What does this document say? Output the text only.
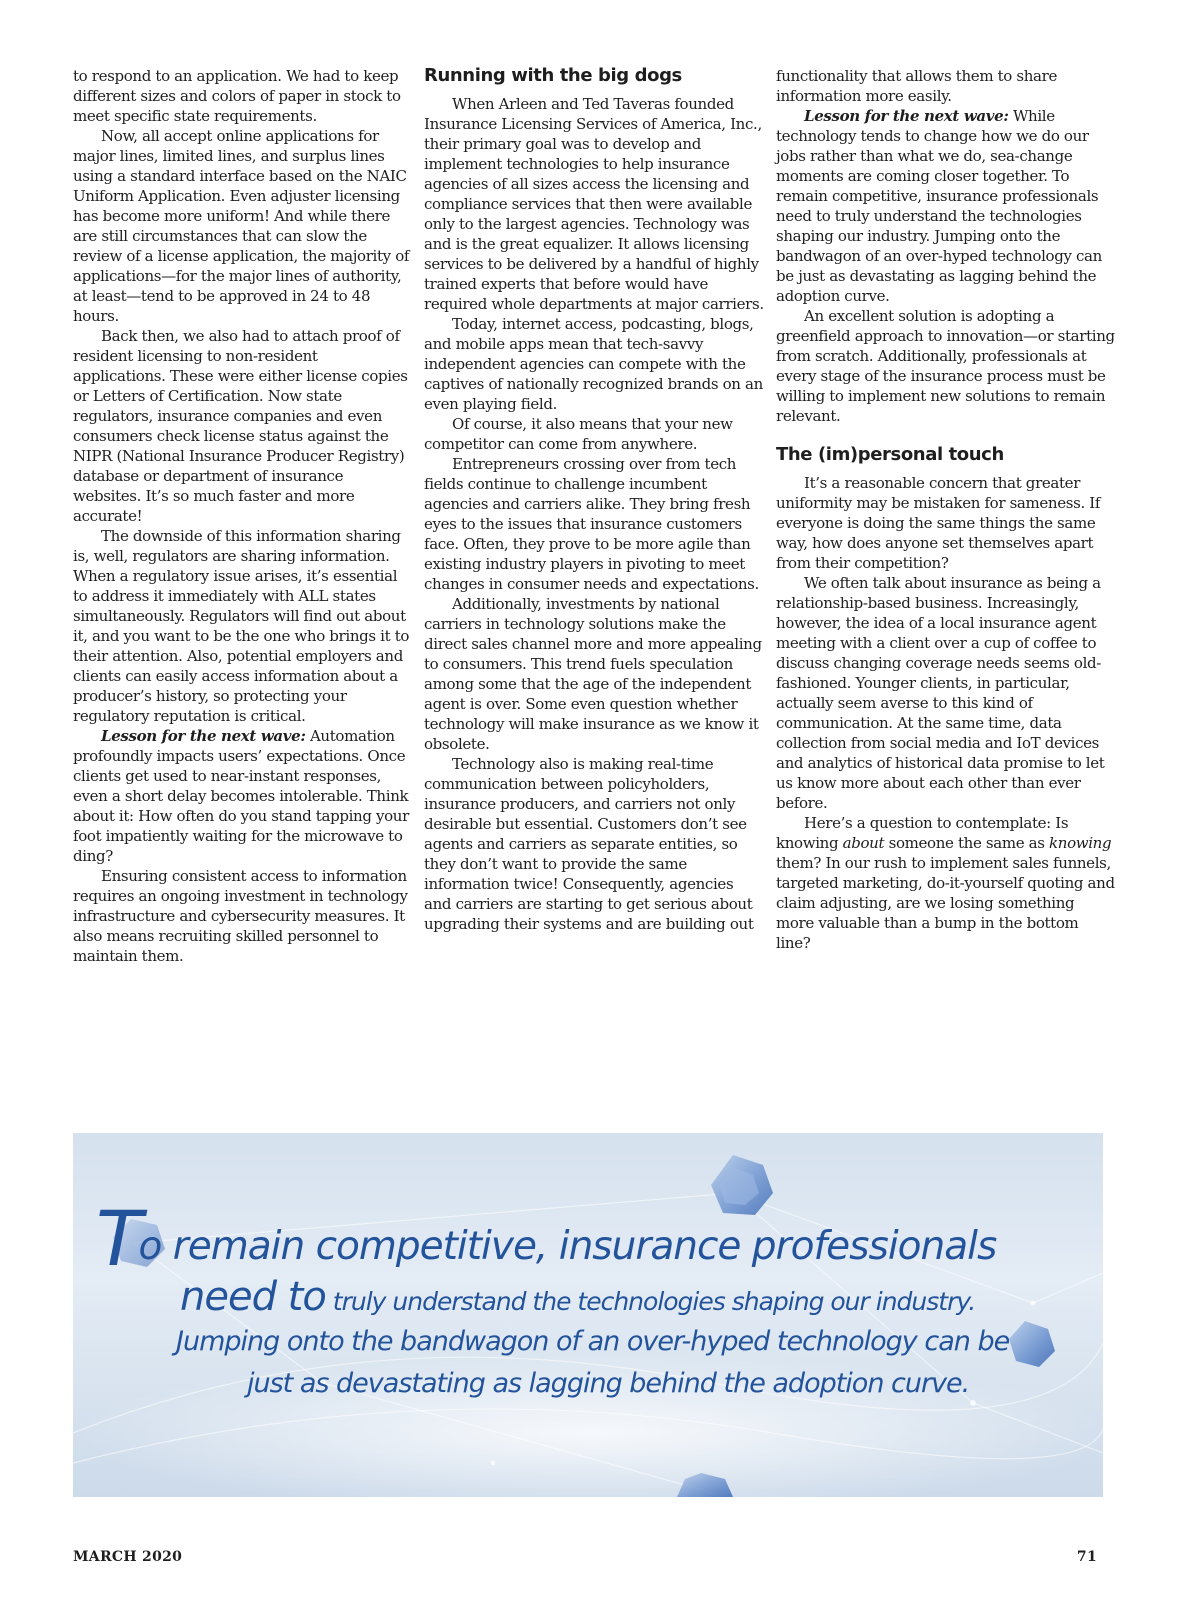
to respond to an application. We had to keep different sizes and colors of paper in stock to meet specific state requirements.

Now, all accept online applications for major lines, limited lines, and surplus lines using a standard interface based on the NAIC Uniform Application. Even adjuster licensing has become more uniform! And while there are still circumstances that can slow the review of a license application, the majority of applications—for the major lines of authority, at least—tend to be approved in 24 to 48 hours.

Back then, we also had to attach proof of resident licensing to non-resident applications. These were either license copies or Letters of Certification. Now state regulators, insurance companies and even consumers check license status against the NIPR (National Insurance Producer Registry) database or department of insurance websites. It’s so much faster and more accurate!

The downside of this information sharing is, well, regulators are sharing information. When a regulatory issue arises, it’s essential to address it immediately with ALL states simultaneously. Regulators will find out about it, and you want to be the one who brings it to their attention. Also, potential employers and clients can easily access information about a producer’s history, so protecting your regulatory reputation is critical.

Lesson for the next wave: Automation profoundly impacts users’ expectations. Once clients get used to near-instant responses, even a short delay becomes intolerable. Think about it: How often do you stand tapping your foot impatiently waiting for the microwave to ding?

Ensuring consistent access to information requires an ongoing investment in technology infrastructure and cybersecurity measures. It also means recruiting skilled personnel to maintain them.

Running with the big dogs

When Arleen and Ted Taveras founded Insurance Licensing Services of America, Inc., their primary goal was to develop and implement technologies to help insurance agencies of all sizes access the licensing and compliance services that then were available only to the largest agencies. Technology was and is the great equalizer. It allows licensing services to be delivered by a handful of highly trained experts that before would have required whole departments at major carriers.

Today, internet access, podcasting, blogs, and mobile apps mean that tech-savvy independent agencies can compete with the captives of nationally recognized brands on an even playing field.

Of course, it also means that your new competitor can come from anywhere.

Entrepreneurs crossing over from tech fields continue to challenge incumbent agencies and carriers alike. They bring fresh eyes to the issues that insurance customers face. Often, they prove to be more agile than existing industry players in pivoting to meet changes in consumer needs and expectations.

Additionally, investments by national carriers in technology solutions make the direct sales channel more and more appealing to consumers. This trend fuels speculation among some that the age of the independent agent is over. Some even question whether technology will make insurance as we know it obsolete.

Technology also is making real-time communication between policyholders, insurance producers, and carriers not only desirable but essential. Customers don’t see agents and carriers as separate entities, so they don’t want to provide the same information twice! Consequently, agencies and carriers are starting to get serious about upgrading their systems and are building out

functionality that allows them to share information more easily.

Lesson for the next wave: While technology tends to change how we do our jobs rather than what we do, sea-change moments are coming closer together. To remain competitive, insurance professionals need to truly understand the technologies shaping our industry. Jumping onto the bandwagon of an over-hyped technology can be just as devastating as lagging behind the adoption curve.

An excellent solution is adopting a greenfield approach to innovation—or starting from scratch. Additionally, professionals at every stage of the insurance process must be willing to implement new solutions to remain relevant.

The (im)personal touch

It’s a reasonable concern that greater uniformity may be mistaken for sameness. If everyone is doing the same things the same way, how does anyone set themselves apart from their competition?

We often talk about insurance as being a relationship-based business. Increasingly, however, the idea of a local insurance agent meeting with a client over a cup of coffee to discuss changing coverage needs seems old-fashioned. Younger clients, in particular, actually seem averse to this kind of communication. At the same time, data collection from social media and IoT devices and analytics of historical data promise to let us know more about each other than ever before.

Here’s a question to contemplate: Is knowing about someone the same as knowing them? In our rush to implement sales funnels, targeted marketing, do-it-yourself quoting and claim adjusting, are we losing something more valuable than a bump in the bottom line?

To remain competitive, insurance professionals
need to truly understand the technologies shaping our industry.
Jumping onto the bandwagon of an over-hyped technology can be
just as devastating as lagging behind the adoption curve.
MARCH 2020	71
